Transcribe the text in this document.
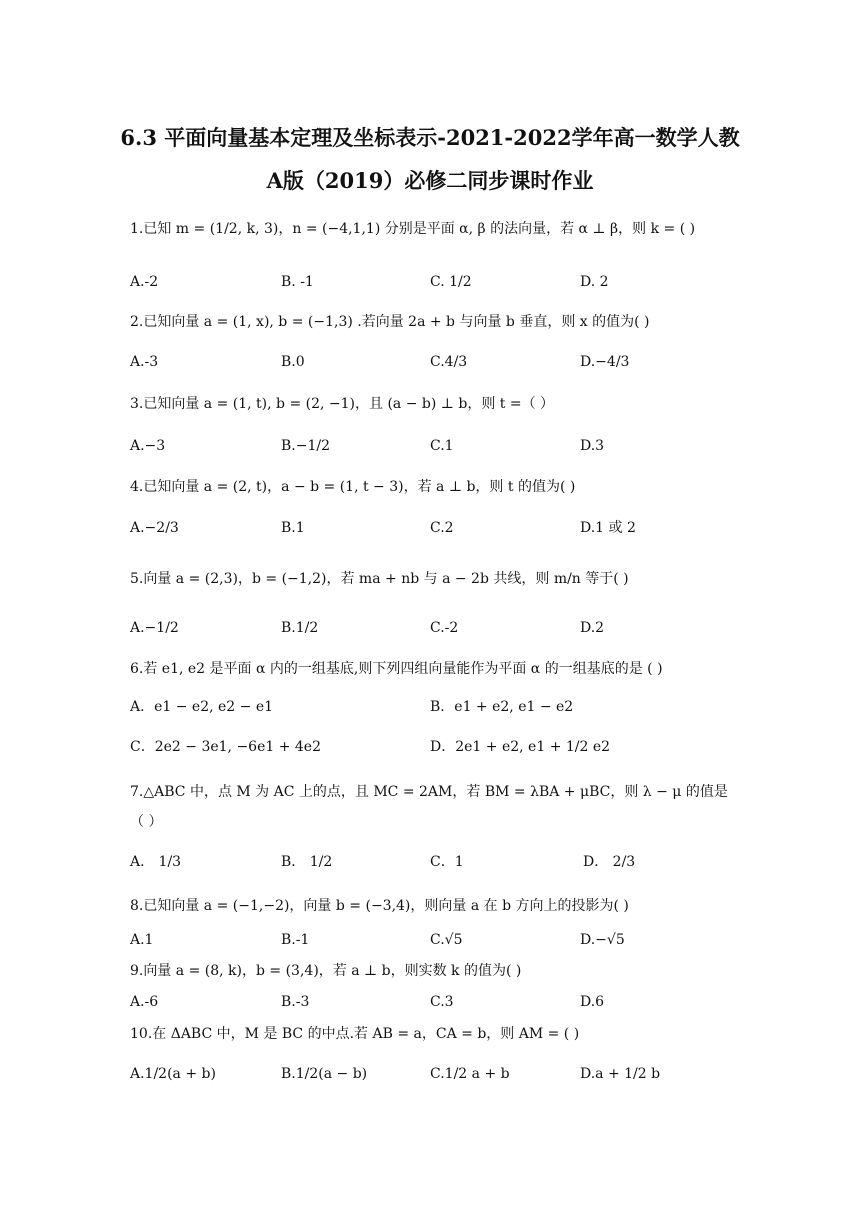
6.3 平面向量基本定理及坐标表示-2021-2022学年高一数学人教
A版（2019）必修二同步课时作业
1.已知 m = (1/2, k, 3)，n = (−4,1,1) 分别是平面 α, β 的法向量，若 α ⊥ β，则 k = ( )
A.-2	B. -1	C. 1/2	D. 2
2.已知向量 a = (1, x), b = (−1,3) .若向量 2a + b 与向量 b 垂直，则 x 的值为( )
A.-3	B.0	C.4/3	D.−4/3
3.已知向量 a = (1, t), b = (2, −1)，且 (a − b) ⊥ b，则 t =（ ）
A.−3	B.−1/2	C.1	D.3
4.已知向量 a = (2, t)，a − b = (1, t − 3)，若 a ⊥ b，则 t 的值为( )
A.−2/3	B.1	C.2	D.1 或 2
5.向量 a = (2,3)，b = (−1,2)，若 ma + nb 与 a − 2b 共线，则 m/n 等于( )
A.−1/2	B.1/2	C.-2	D.2
6.若 e1, e2 是平面 α 内的一组基底,则下列四组向量能作为平面 α 的一组基底的是 ( )
A．e1 − e2, e2 − e1	B．e1 + e2, e1 − e2
C．2e2 − 3e1, −6e1 + 4e2	D．2e1 + e2, e1 + 1/2 e2
7.△ABC 中，点 M 为 AC 上的点，且 MC = 2AM，若 BM = λBA + μBC，则 λ − μ 的值是
（ ）
A． 1/3	B． 1/2	C．1	D． 2/3
8.已知向量 a = (−1,−2)，向量 b = (−3,4)，则向量 a 在 b 方向上的投影为( )
A.1	B.-1	C.√5	D.−√5
9.向量 a = (8, k)，b = (3,4)，若 a ⊥ b，则实数 k 的值为( )
A.-6	B.-3	C.3	D.6
10.在 ΔABC 中，M 是 BC 的中点.若 AB = a，CA = b，则 AM = ( )
A.1/2(a + b)	B.1/2(a − b)	C.1/2 a + b	D.a + 1/2 b
